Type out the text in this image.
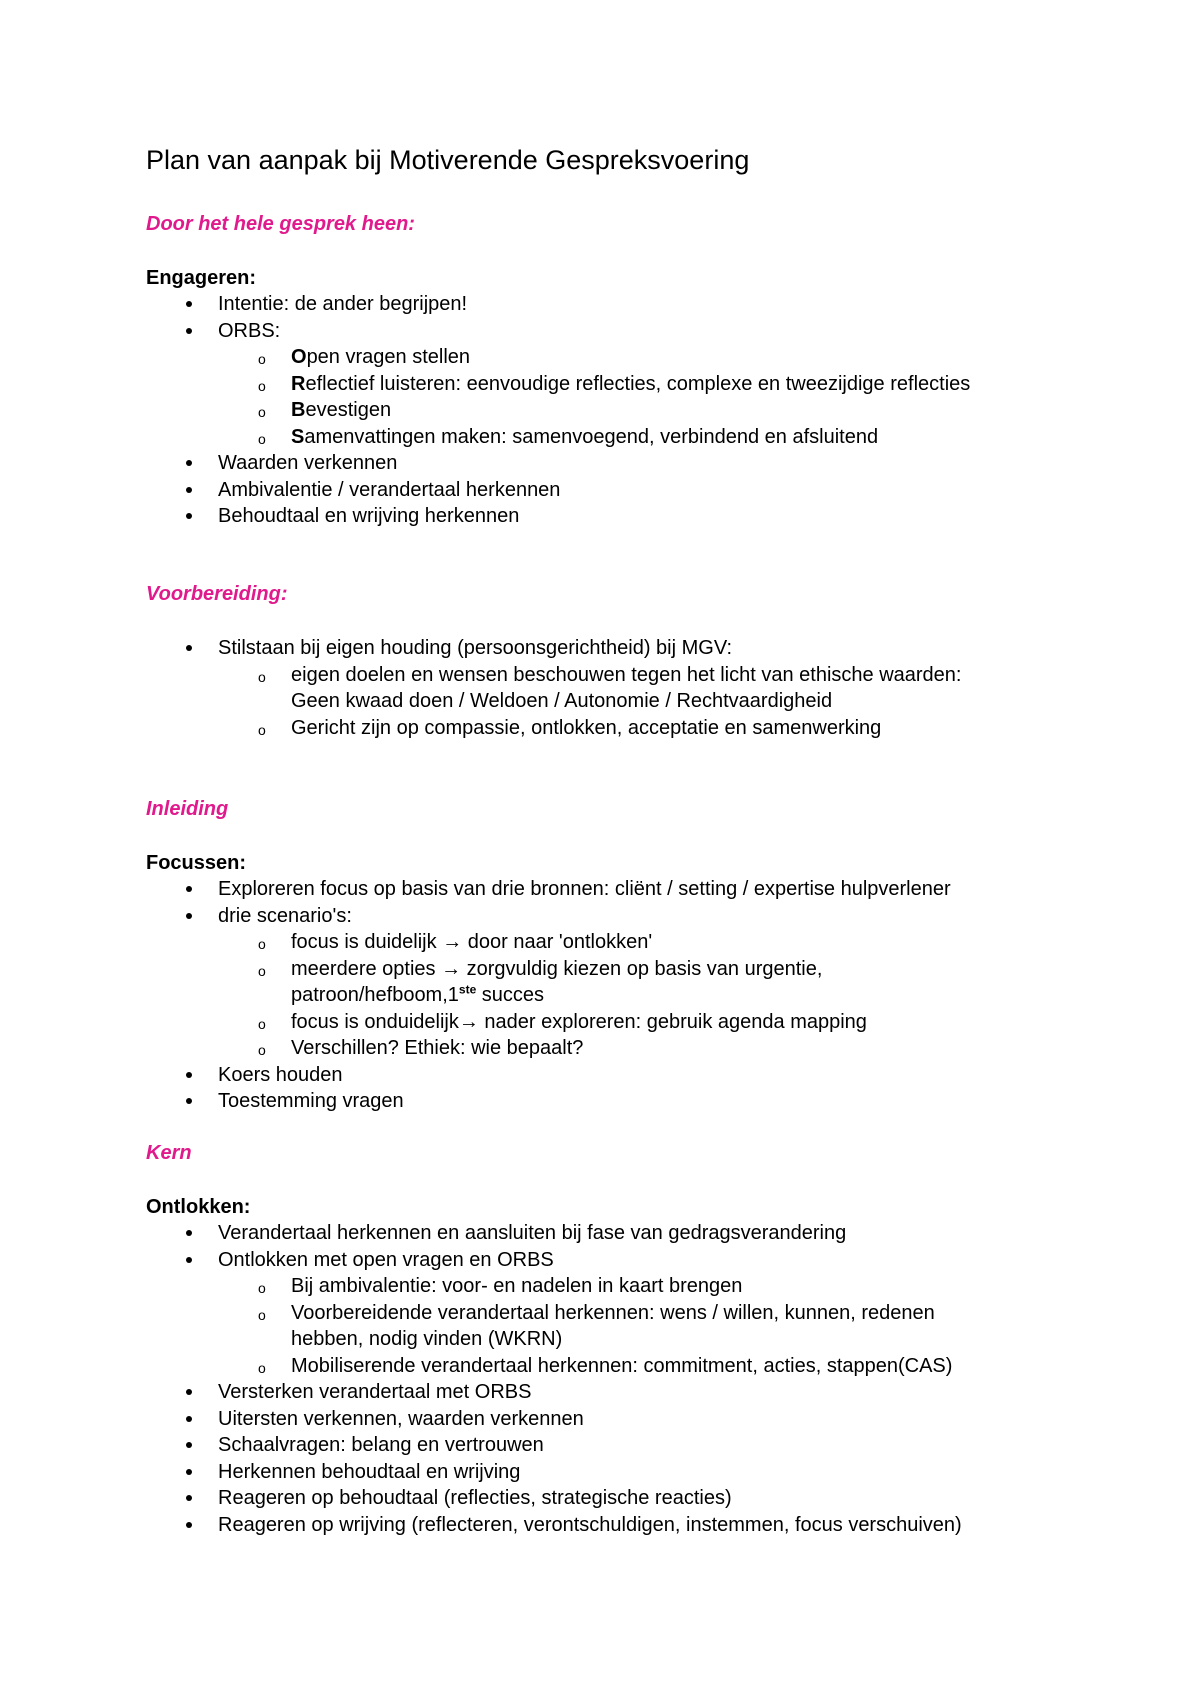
Plan van aanpak bij Motiverende Gespreksvoering

Door het hele gesprek heen:

Engageren:

Intentie: de ander begrijpen!
ORBS:
o Open vragen stellen
o Reflectief luisteren: eenvoudige reflecties, complexe en tweezijdige reflecties
o Bevestigen
o Samenvattingen maken: samenvoegend, verbindend en afsluitend
Waarden verkennen
Ambivalentie / verandertaal herkennen
Behoudtaal en wrijving herkennen

Voorbereiding:

Stilstaan bij eigen houding (persoonsgerichtheid) bij MGV:
o eigen doelen en wensen beschouwen tegen het licht van ethische waarden:
Geen kwaad doen / Weldoen / Autonomie / Rechtvaardigheid
o Gericht zijn op compassie, ontlokken, acceptatie en samenwerking

Inleiding

Focussen:

Exploreren focus op basis van drie bronnen: cliënt / setting / expertise hulpverlener
drie scenario's:
o focus is duidelijk → door naar 'ontlokken'
o meerdere opties → zorgvuldig kiezen op basis van urgentie,
patroon/hefboom,1ste succes
o focus is onduidelijk→ nader exploreren: gebruik agenda mapping
o Verschillen? Ethiek: wie bepaalt?
Koers houden
Toestemming vragen

Kern

Ontlokken:

Verandertaal herkennen en aansluiten bij fase van gedragsverandering
Ontlokken met open vragen en ORBS
o Bij ambivalentie: voor- en nadelen in kaart brengen
o Voorbereidende verandertaal herkennen: wens / willen, kunnen, redenen
hebben, nodig vinden (WKRN)
o Mobiliserende verandertaal herkennen: commitment, acties, stappen(CAS)
Versterken verandertaal met ORBS
Uitersten verkennen, waarden verkennen
Schaalvragen: belang en vertrouwen
Herkennen behoudtaal en wrijving
Reageren op behoudtaal (reflecties, strategische reacties)
Reageren op wrijving (reflecteren, verontschuldigen, instemmen, focus verschuiven)
